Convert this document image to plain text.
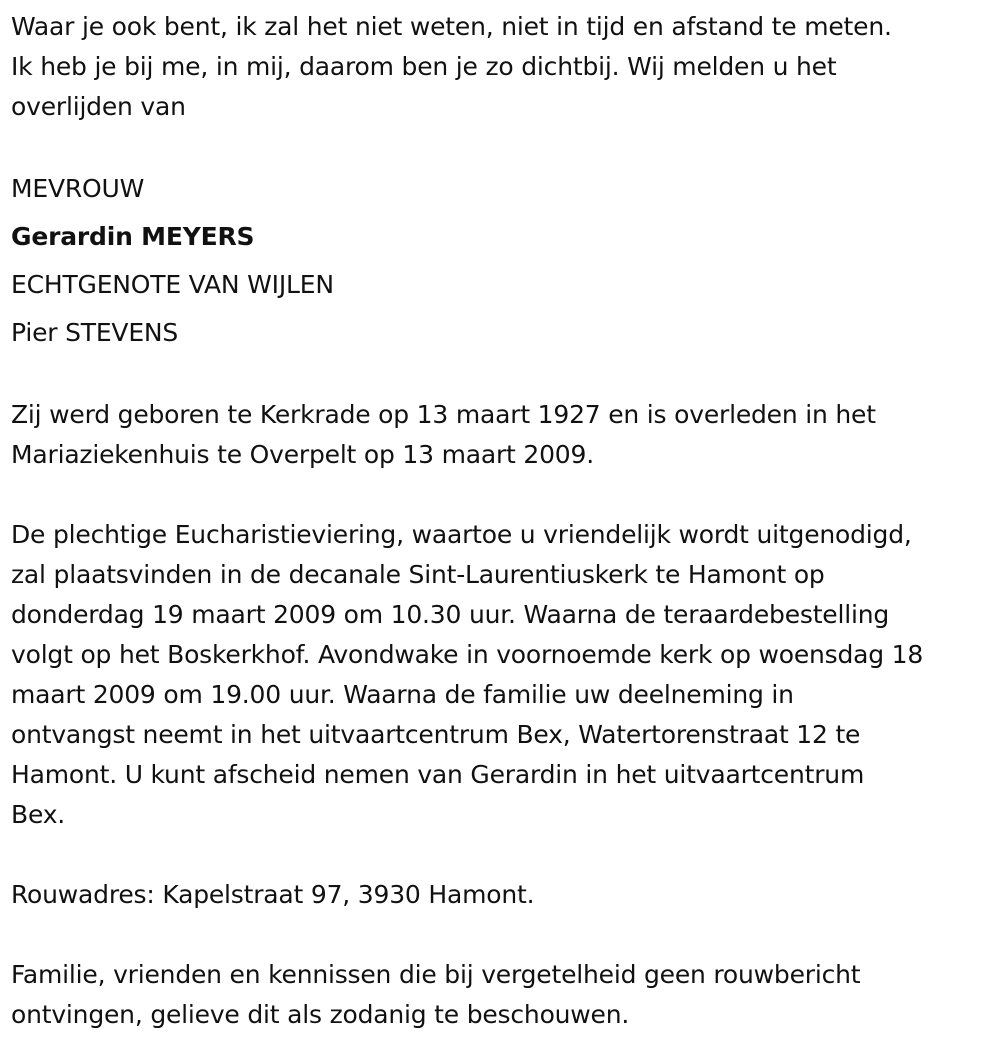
Waar je ook bent, ik zal het niet weten, niet in tijd en afstand te meten.

Ik heb je bij me, in mij, daarom ben je zo dichtbij. Wij melden u het

overlijden van

MEVROUW

Gerardin MEYERS

ECHTGENOTE VAN WIJLEN

Pier STEVENS

Zij werd geboren te Kerkrade op 13 maart 1927 en is overleden in het

Mariaziekenhuis te Overpelt op 13 maart 2009.

De plechtige Eucharistieviering, waartoe u vriendelijk wordt uitgenodigd,

zal plaatsvinden in de decanale Sint-Laurentiuskerk te Hamont op

donderdag 19 maart 2009 om 10.30 uur. Waarna de teraardebestelling

volgt op het Boskerkhof. Avondwake in voornoemde kerk op woensdag 18

maart 2009 om 19.00 uur. Waarna de familie uw deelneming in

ontvangst neemt in het uitvaartcentrum Bex, Watertorenstraat 12 te

Hamont. U kunt afscheid nemen van Gerardin in het uitvaartcentrum

Bex.

Rouwadres: Kapelstraat 97, 3930 Hamont.

Familie, vrienden en kennissen die bij vergetelheid geen rouwbericht

ontvingen, gelieve dit als zodanig te beschouwen.
